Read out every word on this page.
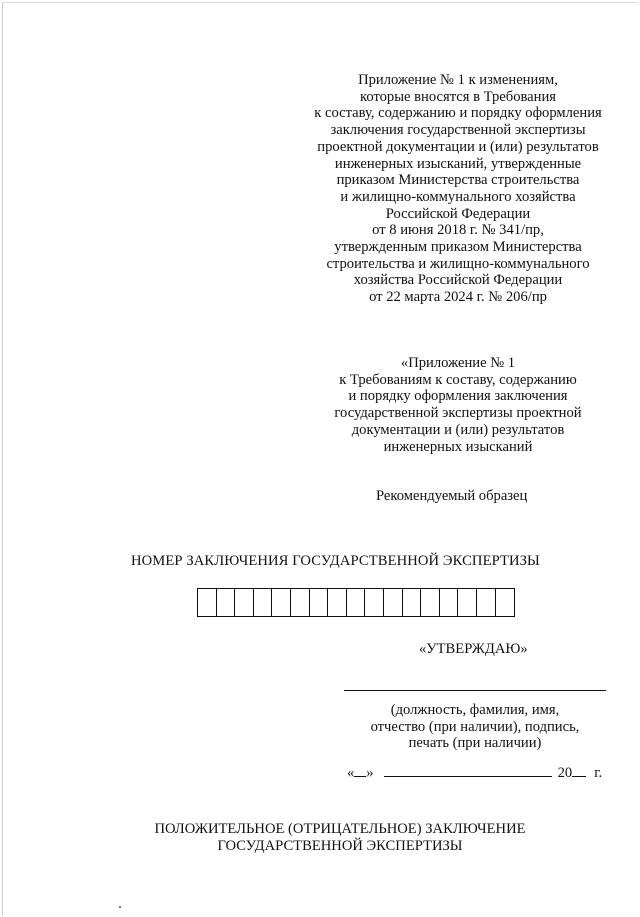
Приложение № 1 к изменениям,
которые вносятся в Требования
к составу, содержанию и порядку оформления
заключения государственной экспертизы
проектной документации и (или) результатов
инженерных изысканий, утвержденные
приказом Министерства строительства
и жилищно-коммунального хозяйства
Российской Федерации
от 8 июня 2018 г. № 341/пр,
утвержденным приказом Министерства
строительства и жилищно-коммунального
хозяйства Российской Федерации
от 22 марта 2024 г. № 206/пр
«Приложение № 1
к Требованиям к составу, содержанию
и порядку оформления заключения
государственной экспертизы проектной
документации и (или) результатов
инженерных изысканий
Рекомендуемый образец
НОМЕР ЗАКЛЮЧЕНИЯ ГОСУДАРСТВЕННОЙ ЭКСПЕРТИЗЫ
«УТВЕРЖДАЮ»
(должность, фамилия, имя,
отчество (при наличии), подпись,
печать (при наличии)
« »	20 г.
ПОЛОЖИТЕЛЬНОЕ (ОТРИЦАТЕЛЬНОЕ) ЗАКЛЮЧЕНИЕ
ГОСУДАРСТВЕННОЙ ЭКСПЕРТИЗЫ
